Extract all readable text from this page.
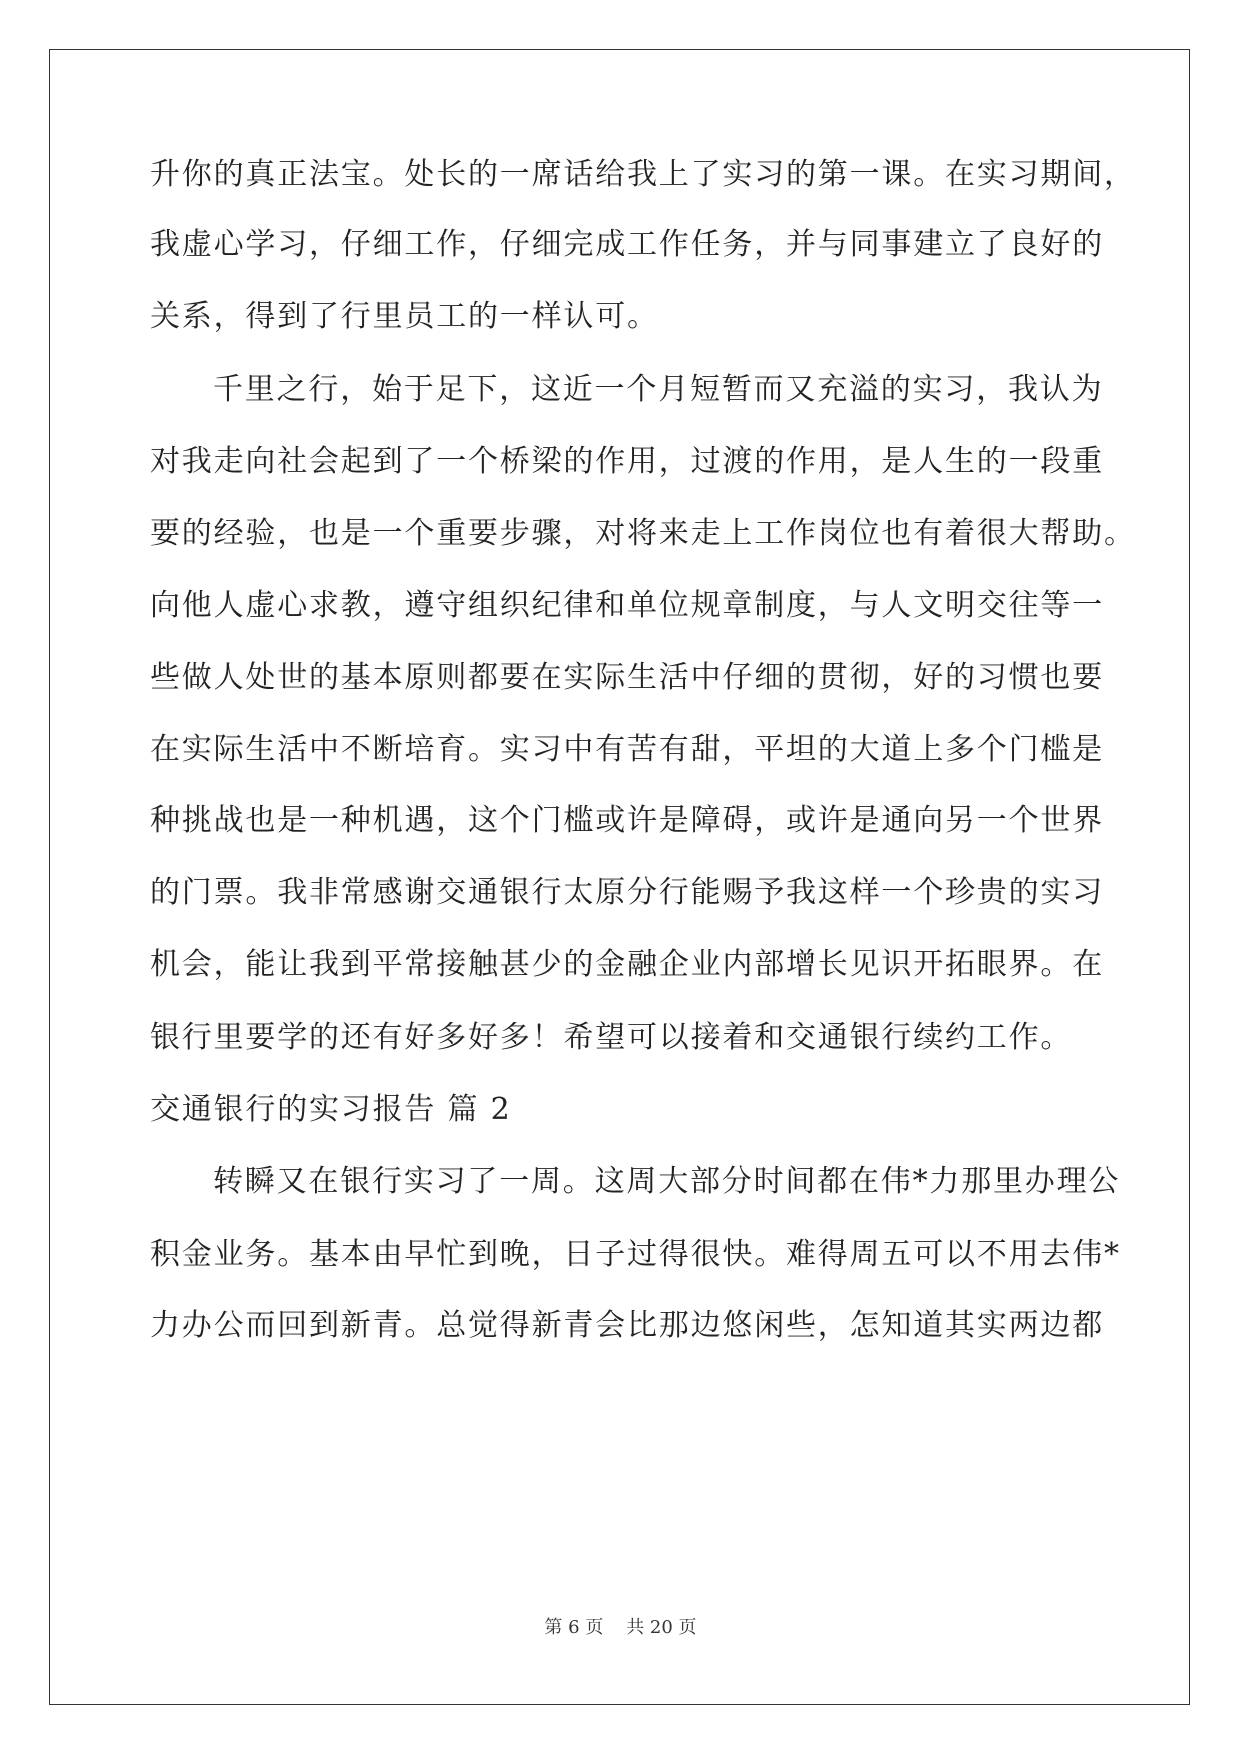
升你的真正法宝。处长的一席话给我上了实习的第一课。在实习期间，
我虚心学习，仔细工作，仔细完成工作任务，并与同事建立了良好的
关系，得到了行里员工的一样认可。
千里之行，始于足下，这近一个月短暂而又充溢的实习，我认为
对我走向社会起到了一个桥梁的作用，过渡的作用，是人生的一段重
要的经验，也是一个重要步骤，对将来走上工作岗位也有着很大帮助。
向他人虚心求教，遵守组织纪律和单位规章制度，与人文明交往等一
些做人处世的基本原则都要在实际生活中仔细的贯彻，好的习惯也要
在实际生活中不断培育。实习中有苦有甜，平坦的大道上多个门槛是
种挑战也是一种机遇，这个门槛或许是障碍，或许是通向另一个世界
的门票。我非常感谢交通银行太原分行能赐予我这样一个珍贵的实习
机会，能让我到平常接触甚少的金融企业内部增长见识开拓眼界。在
银行里要学的还有好多好多！希望可以接着和交通银行续约工作。
交通银行的实习报告 篇 2
转瞬又在银行实习了一周。这周大部分时间都在伟*力那里办理公
积金业务。基本由早忙到晚，日子过得很快。难得周五可以不用去伟*
力办公而回到新青。总觉得新青会比那边悠闲些，怎知道其实两边都
第 6 页    共 20 页
